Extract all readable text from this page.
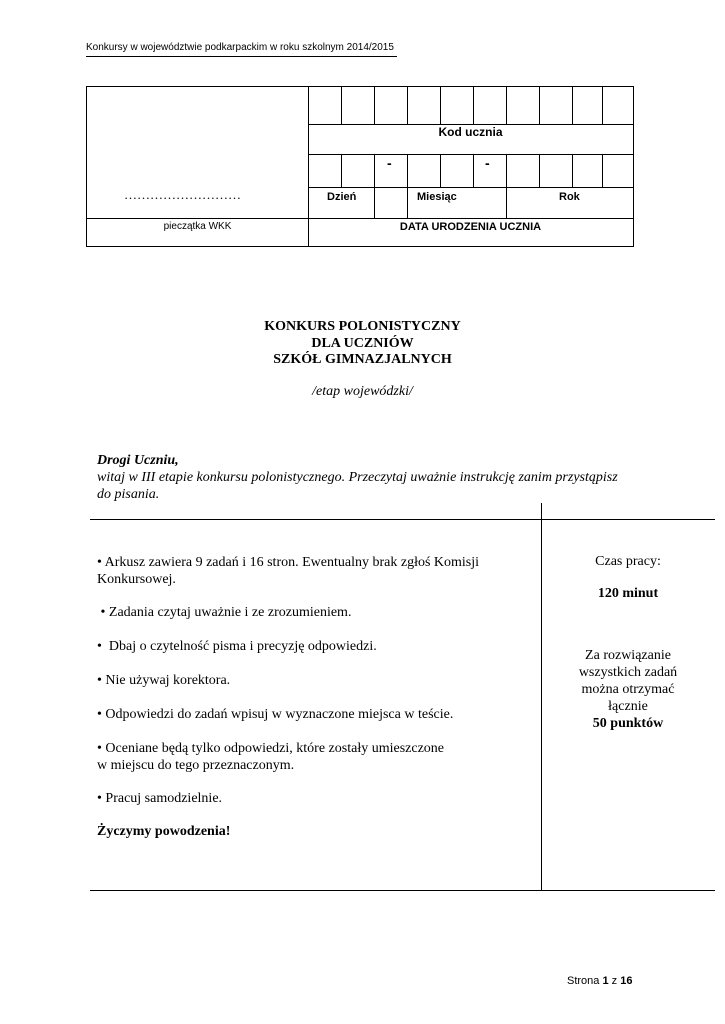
Konkursy w województwie podkarpackim w roku szkolnym 2014/2015
Kod ucznia
-	-
………………………	Dzień	Miesiąc	Rok
pieczątka WKK	DATA URODZENIA UCZNIA
KONKURS POLONISTYCZNY
DLA UCZNIÓW
SZKÓŁ GIMNAZJALNYCH
/etap wojewódzki/
Drogi Uczniu,
witaj w III etapie konkursu polonistycznego. Przeczytaj uważnie instrukcję zanim przystąpisz
do pisania.
• Arkusz zawiera 9 zadań i 16 stron. Ewentualny brak zgłoś Komisji
Konkursowej.
• Zadania czytaj uważnie i ze zrozumieniem.
•  Dbaj o czytelność pisma i precyzję odpowiedzi.
• Nie używaj korektora.
• Odpowiedzi do zadań wpisuj w wyznaczone miejsca w teście.
• Oceniane będą tylko odpowiedzi, które zostały umieszczone
w miejscu do tego przeznaczonym.
• Pracuj samodzielnie.
Życzymy powodzenia!
Czas pracy:
120 minut
Za rozwiązanie
wszystkich zadań
można otrzymać
łącznie
50 punktów
Strona 1 z 16
